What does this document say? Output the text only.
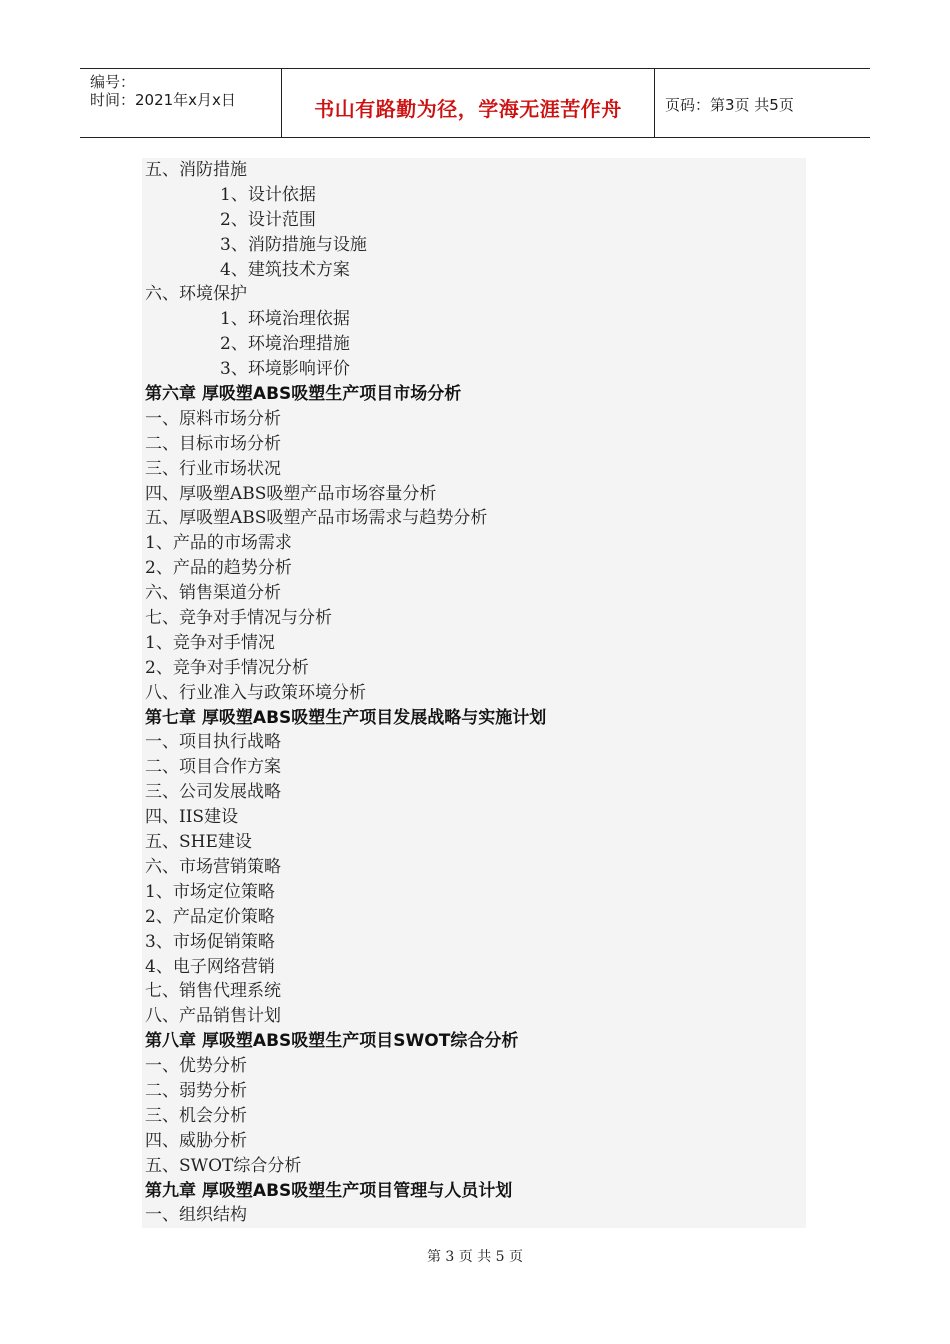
编号：
时间：2021年x月x日	书山有路勤为径，学海无涯苦作舟	页码：第3页 共5页
五、消防措施
1、设计依据
2、设计范围
3、消防措施与设施
4、建筑技术方案
六、环境保护
1、环境治理依据
2、环境治理措施
3、环境影响评价
第六章 厚吸塑ABS吸塑生产项目市场分析
一、原料市场分析
二、目标市场分析
三、行业市场状况
四、厚吸塑ABS吸塑产品市场容量分析
五、厚吸塑ABS吸塑产品市场需求与趋势分析
1、产品的市场需求
2、产品的趋势分析
六、销售渠道分析
七、竞争对手情况与分析
1、竞争对手情况
2、竞争对手情况分析
八、行业准入与政策环境分析
第七章 厚吸塑ABS吸塑生产项目发展战略与实施计划
一、项目执行战略
二、项目合作方案
三、公司发展战略
四、IIS建设
五、SHE建设
六、市场营销策略
1、市场定位策略
2、产品定价策略
3、市场促销策略
4、电子网络营销
七、销售代理系统
八、产品销售计划
第八章 厚吸塑ABS吸塑生产项目SWOT综合分析
一、优势分析
二、弱势分析
三、机会分析
四、威胁分析
五、SWOT综合分析
第九章 厚吸塑ABS吸塑生产项目管理与人员计划
一、组织结构
第 3 页 共 5 页
